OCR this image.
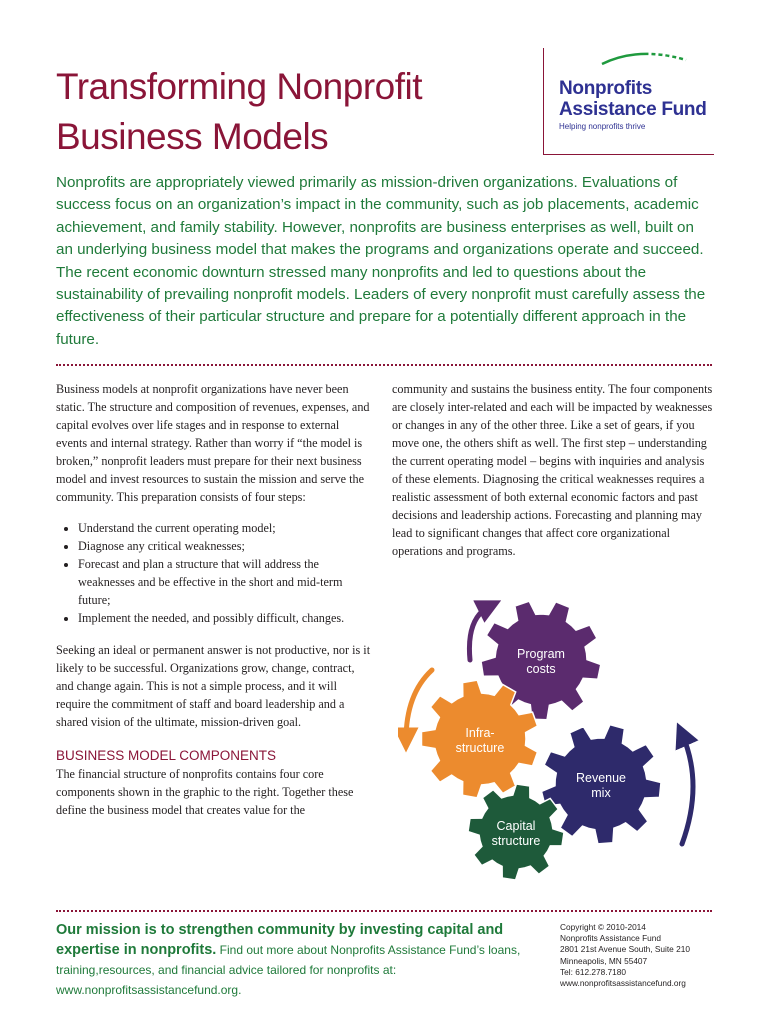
Transforming Nonprofit
Business Models
Nonprofits
Assistance Fund
Helping nonprofits thrive
Nonprofits are appropriately viewed primarily as mission-driven organizations. Evaluations of success focus on an organization’s impact in the community, such as job placements, academic achievement, and family stability. However, nonprofits are business enterprises as well, built on an underlying business model that makes the programs and organizations operate and succeed. The recent economic downturn stressed many nonprofits and led to questions about the sustainability of prevailing nonprofit models. Leaders of every nonprofit must carefully assess the effectiveness of their particular structure and prepare for a potentially different approach in the future.

Business models at nonprofit organizations have never been static. The structure and composition of revenues, expenses, and capital evolves over life stages and in response to external events and internal strategy. Rather than worry if “the model is broken,” nonprofit leaders must prepare for their next business model and invest resources to sustain the mission and serve the community. This preparation consists of four steps:

• Understand the current operating model;
• Diagnose any critical weaknesses;
• Forecast and plan a structure that will address the weaknesses and be effective in the short and mid-term future;
• Implement the needed, and possibly difficult, changes.

Seeking an ideal or permanent answer is not productive, nor is it likely to be successful. Organizations grow, change, contract, and change again. This is not a simple process, and it will require the commitment of staff and board leadership and a shared vision of the ultimate, mission-driven goal.

BUSINESS MODEL COMPONENTS

The financial structure of nonprofits contains four core components shown in the graphic to the right. Together these define the business model that creates value for the

community and sustains the business entity. The four components are closely inter-related and each will be impacted by weaknesses or changes in any of the other three. Like a set of gears, if you move one, the others shift as well. The first step – understanding the current operating model – begins with inquiries and analysis of these elements. Diagnosing the critical weaknesses requires a realistic assessment of both external economic factors and past decisions and leadership actions. Forecasting and planning may lead to significant changes that affect core organizational operations and programs.

Program
costs
Revenue
mix
Infra-
structure
Capital
structure
Our mission is to strengthen community by investing capital and expertise in nonprofits. Find out more about Nonprofits Assistance Fund’s loans, training,resources, and financial advice tailored for nonprofits at: www.nonprofitsassistancefund.org.
Copyright © 2010-2014
Nonprofits Assistance Fund
2801 21st Avenue South, Suite 210
Minneapolis, MN 55407
Tel: 612.278.7180
www.nonprofitsassistancefund.org
